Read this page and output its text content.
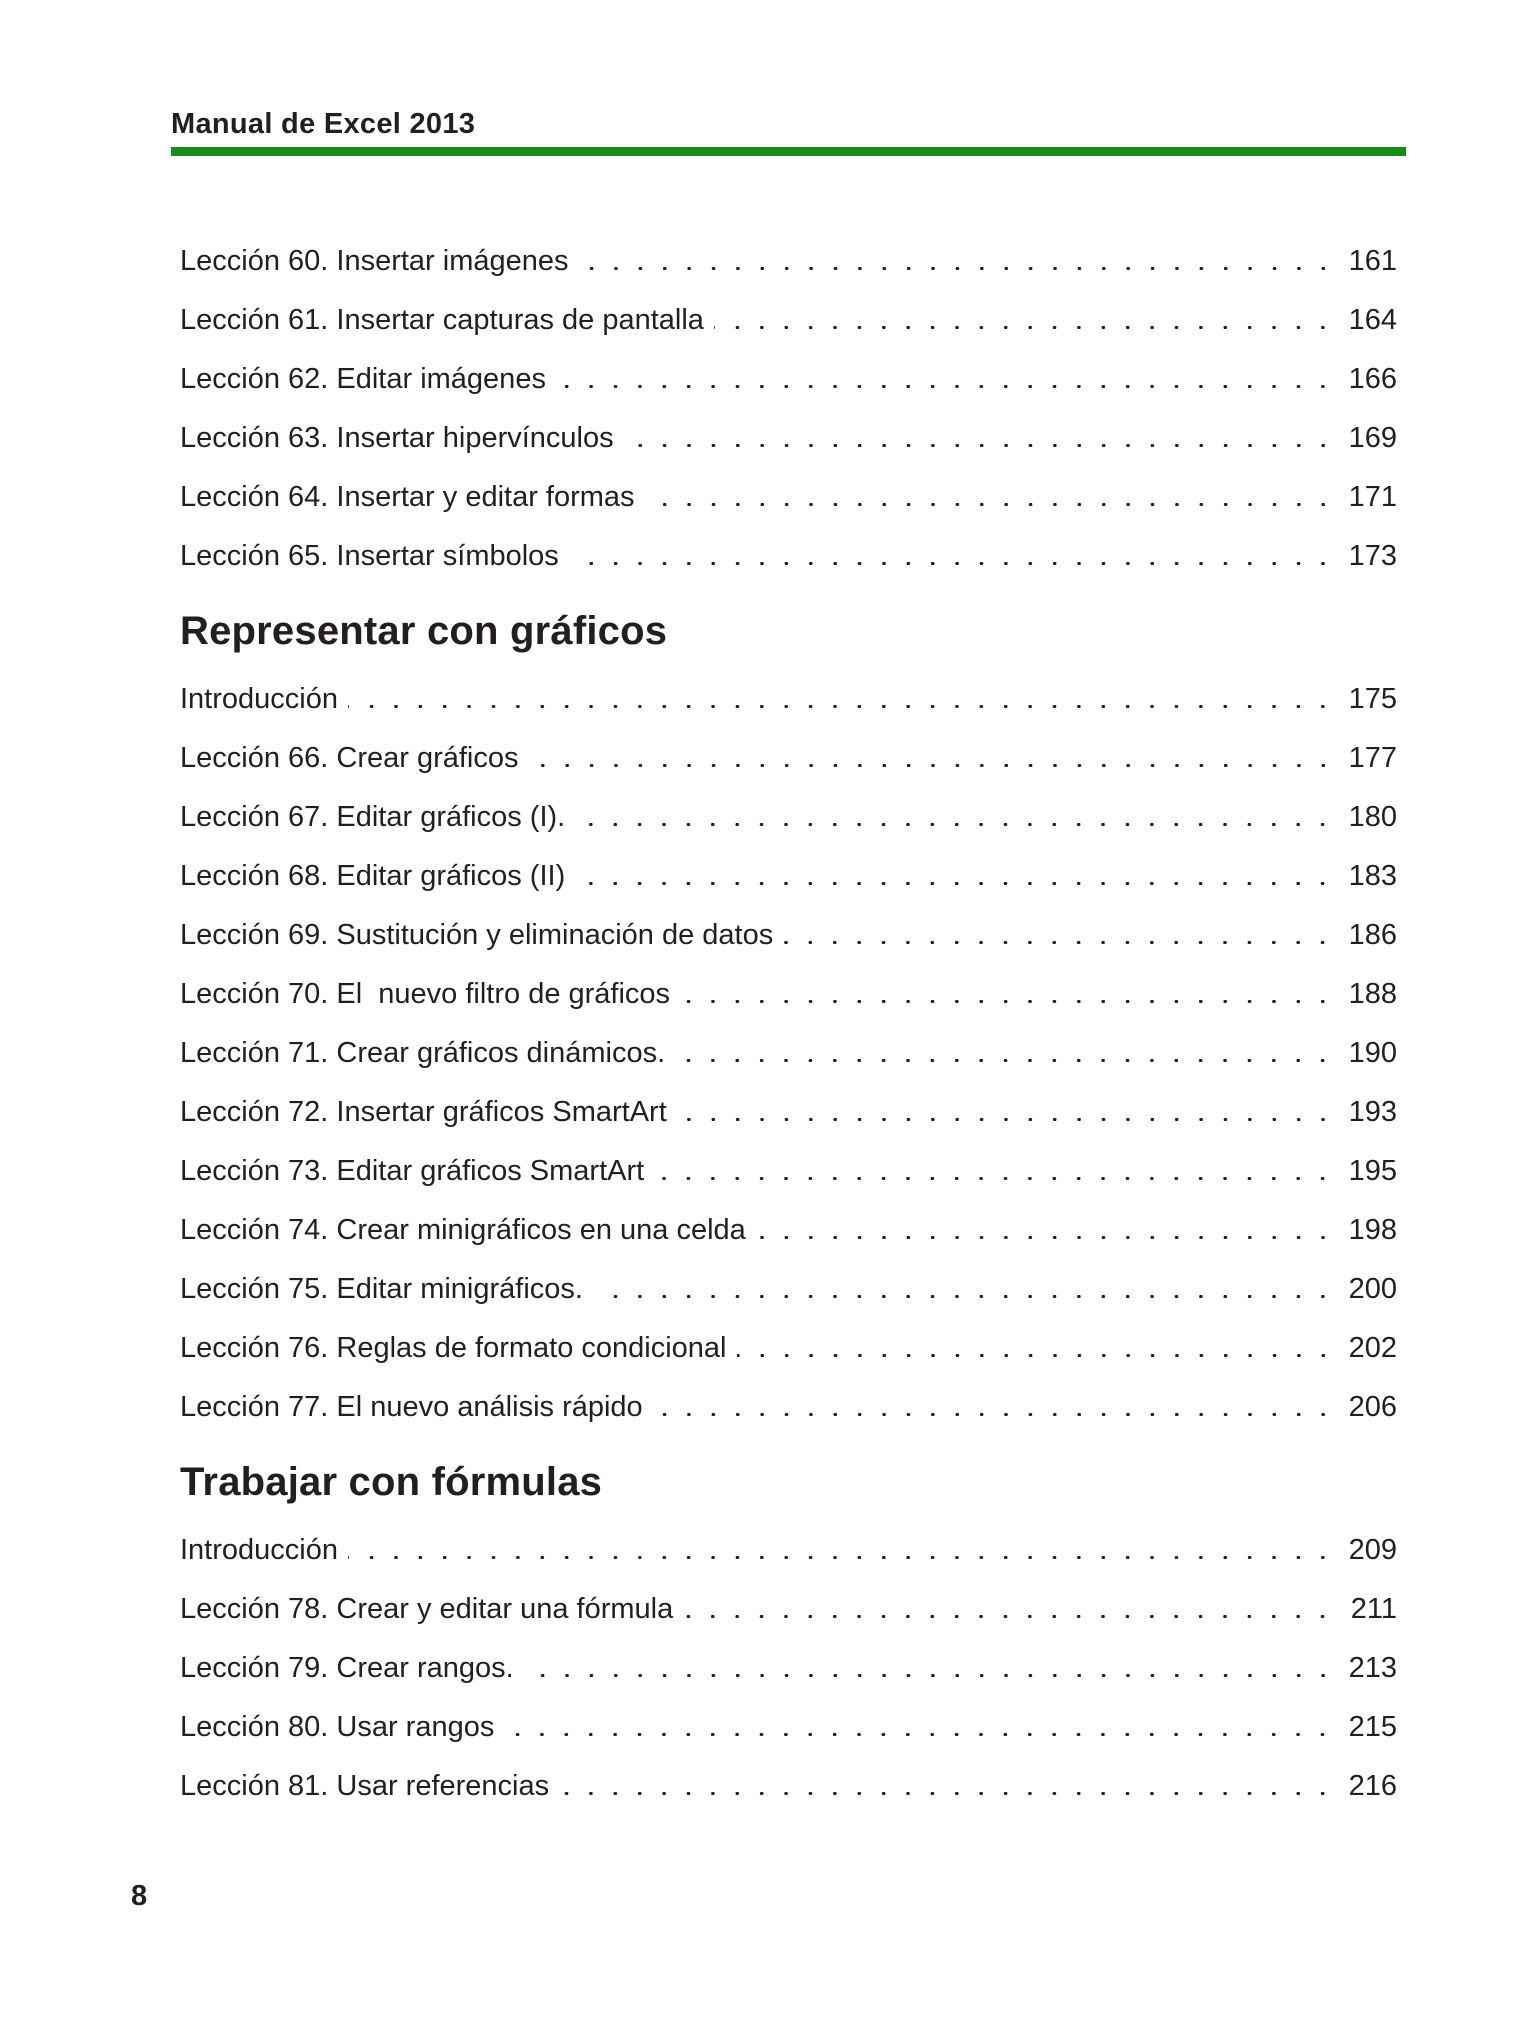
Manual de Excel 2013
Lección 60. Insertar imágenes	161
Lección 61. Insertar capturas de pantalla	164
Lección 62. Editar imágenes	166
Lección 63. Insertar hipervínculos	169
Lección 64. Insertar y editar formas	171
Lección 65. Insertar símbolos	173
Representar con gráficos
Introducción	175
Lección 66. Crear gráficos	177
Lección 67. Editar gráficos (I).	180
Lección 68. Editar gráficos (II)	183
Lección 69. Sustitución y eliminación de datos	186
Lección 70. El  nuevo filtro de gráficos	188
Lección 71. Crear gráficos dinámicos.	190
Lección 72. Insertar gráficos SmartArt	193
Lección 73. Editar gráficos SmartArt	195
Lección 74. Crear minigráficos en una celda	198
Lección 75. Editar minigráficos.	200
Lección 76. Reglas de formato condicional	202
Lección 77. El nuevo análisis rápido	206
Trabajar con fórmulas
Introducción	209
Lección 78. Crear y editar una fórmula	211
Lección 79. Crear rangos.	213
Lección 80. Usar rangos	215
Lección 81. Usar referencias	216
8
